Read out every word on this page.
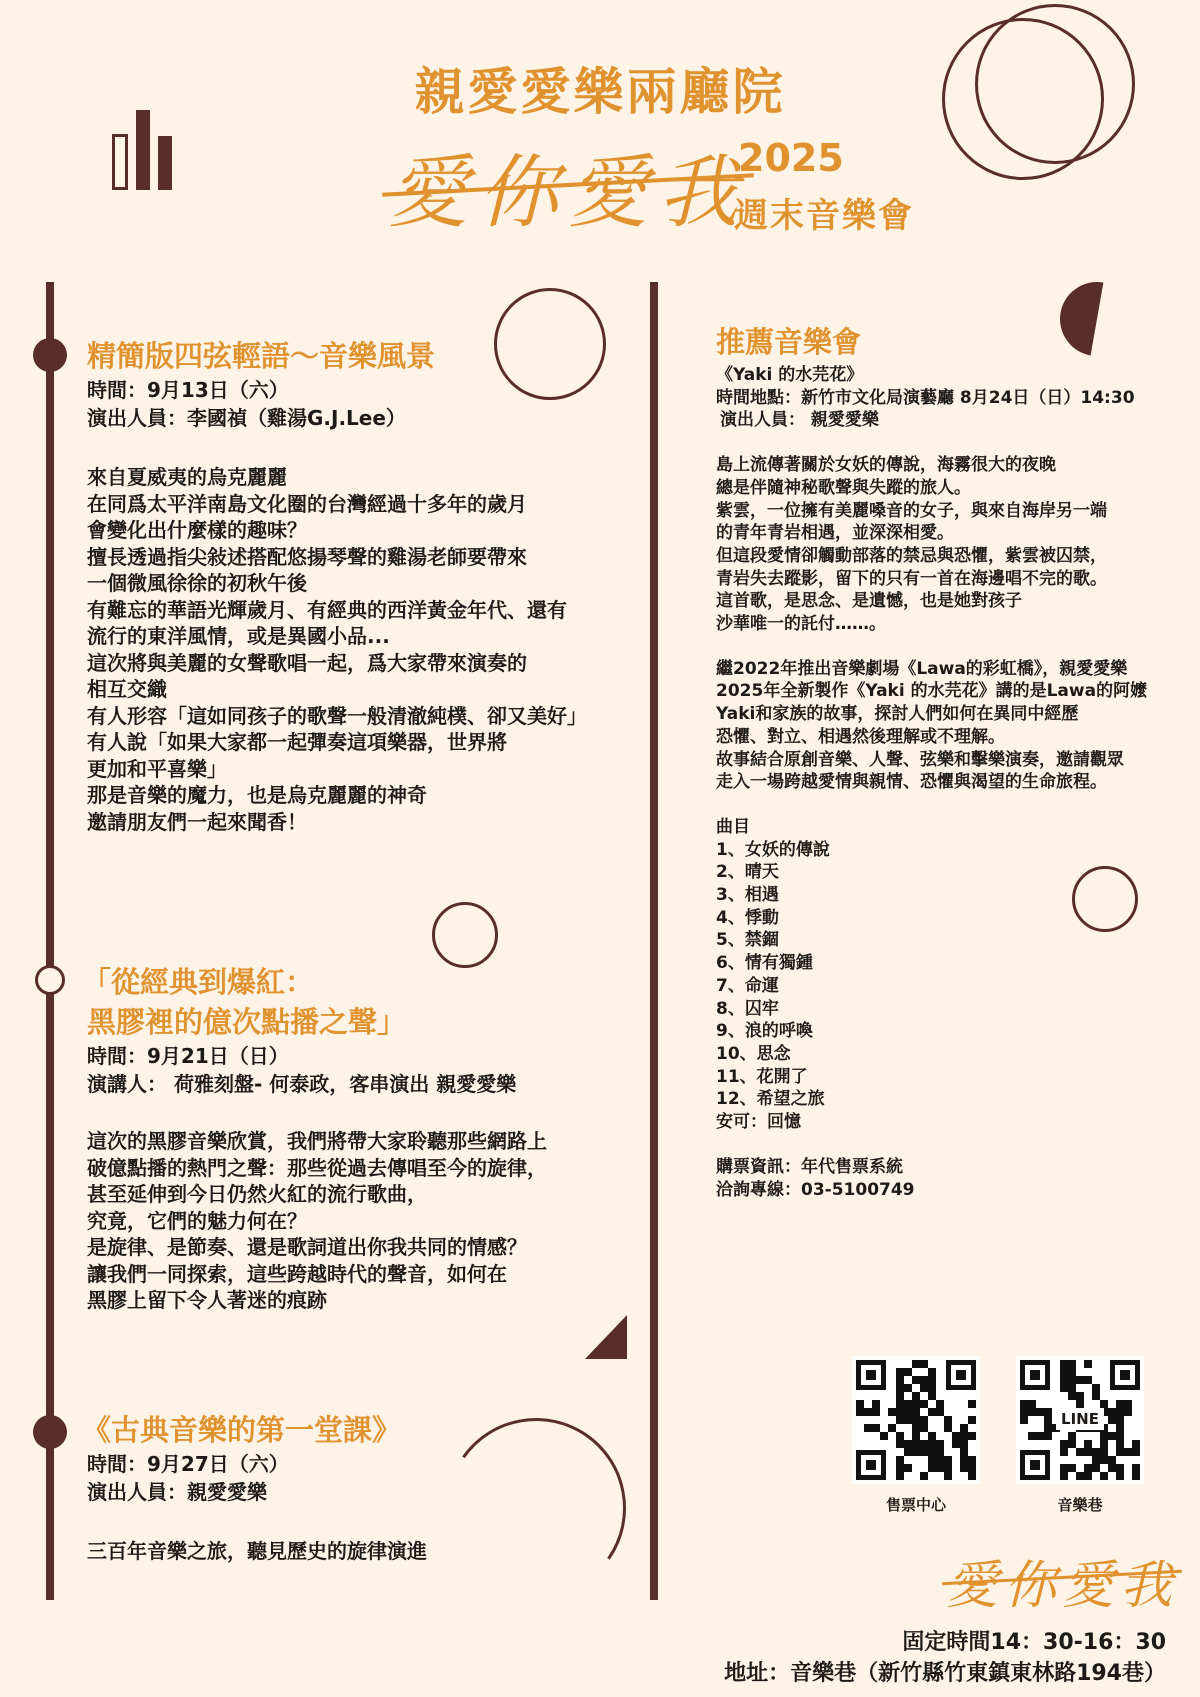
親愛愛樂兩廳院
愛你愛我
2025
週末音樂會
精簡版四弦輕語～音樂風景
時間：9月13日（六）
演出人員：李國禎（雞湯G.J.Lee）
來自夏威夷的烏克麗麗
在同爲太平洋南島文化圈的台灣經過十多年的歲月
會變化出什麼樣的趣味？
擅長透過指尖敍述搭配悠揚琴聲的雞湯老師要帶來
一個微風徐徐的初秋午後
有難忘的華語光輝歲月、有經典的西洋黃金年代、還有
流行的東洋風情，或是異國小品...
這次將與美麗的女聲歌唱一起，爲大家帶來演奏的
相互交織
有人形容「這如同孩子的歌聲一般清澈純樸、卻又美好」
有人說「如果大家都一起彈奏這項樂器，世界將
更加和平喜樂」
那是音樂的魔力，也是烏克麗麗的神奇
邀請朋友們一起來聞香！
「從經典到爆紅：
黑膠裡的億次點播之聲」
時間：9月21日（日）
演講人： 荷雅刻盤- 何泰政，客串演出 親愛愛樂
這次的黑膠音樂欣賞，我們將帶大家聆聽那些網路上
破億點播的熱門之聲：那些從過去傳唱至今的旋律，
甚至延伸到今日仍然火紅的流行歌曲，
究竟，它們的魅力何在？
是旋律、是節奏、還是歌詞道出你我共同的情感？
讓我們一同探索，這些跨越時代的聲音，如何在
黑膠上留下令人著迷的痕跡
《古典音樂的第一堂課》
時間：9月27日（六）
演出人員：親愛愛樂
三百年音樂之旅，聽見歷史的旋律演進
推薦音樂會
《Yaki 的水芫花》
時間地點：新竹市文化局演藝廳 8月24日（日）14:30
演出人員： 親愛愛樂
島上流傳著關於女妖的傳說，海霧很大的夜晚
總是伴隨神秘歌聲與失蹤的旅人。
紫雲，一位擁有美麗嗓音的女子，與來自海岸另一端
的青年青岩相遇，並深深相愛。
但這段愛情卻觸動部落的禁忌與恐懼，紫雲被囚禁，
青岩失去蹤影，留下的只有一首在海邊唱不完的歌。
這首歌，是思念、是遺憾，也是她對孩子
沙華唯一的託付……。
繼2022年推出音樂劇場《Lawa的彩虹橋》，親愛愛樂
2025年全新製作《Yaki 的水芫花》講的是Lawa的阿嬤
Yaki和家族的故事，探討人們如何在異同中經歷
恐懼、對立、相遇然後理解或不理解。
故事結合原創音樂、人聲、弦樂和擊樂演奏，邀請觀眾
走入一場跨越愛情與親情、恐懼與渴望的生命旅程。
曲目
1、女妖的傳說
2、晴天
3、相遇
4、悸動
5、禁錮
6、情有獨鍾
7、命運
8、囚牢
9、浪的呼喚
10、思念
11、花開了
12、希望之旅
安可：回憶
購票資訊：年代售票系統
洽詢專線：03-5100749
售票中心
LINE
音樂巷
愛你愛我
固定時間14：30-16：30
地址：音樂巷（新竹縣竹東鎮東林路194巷）
